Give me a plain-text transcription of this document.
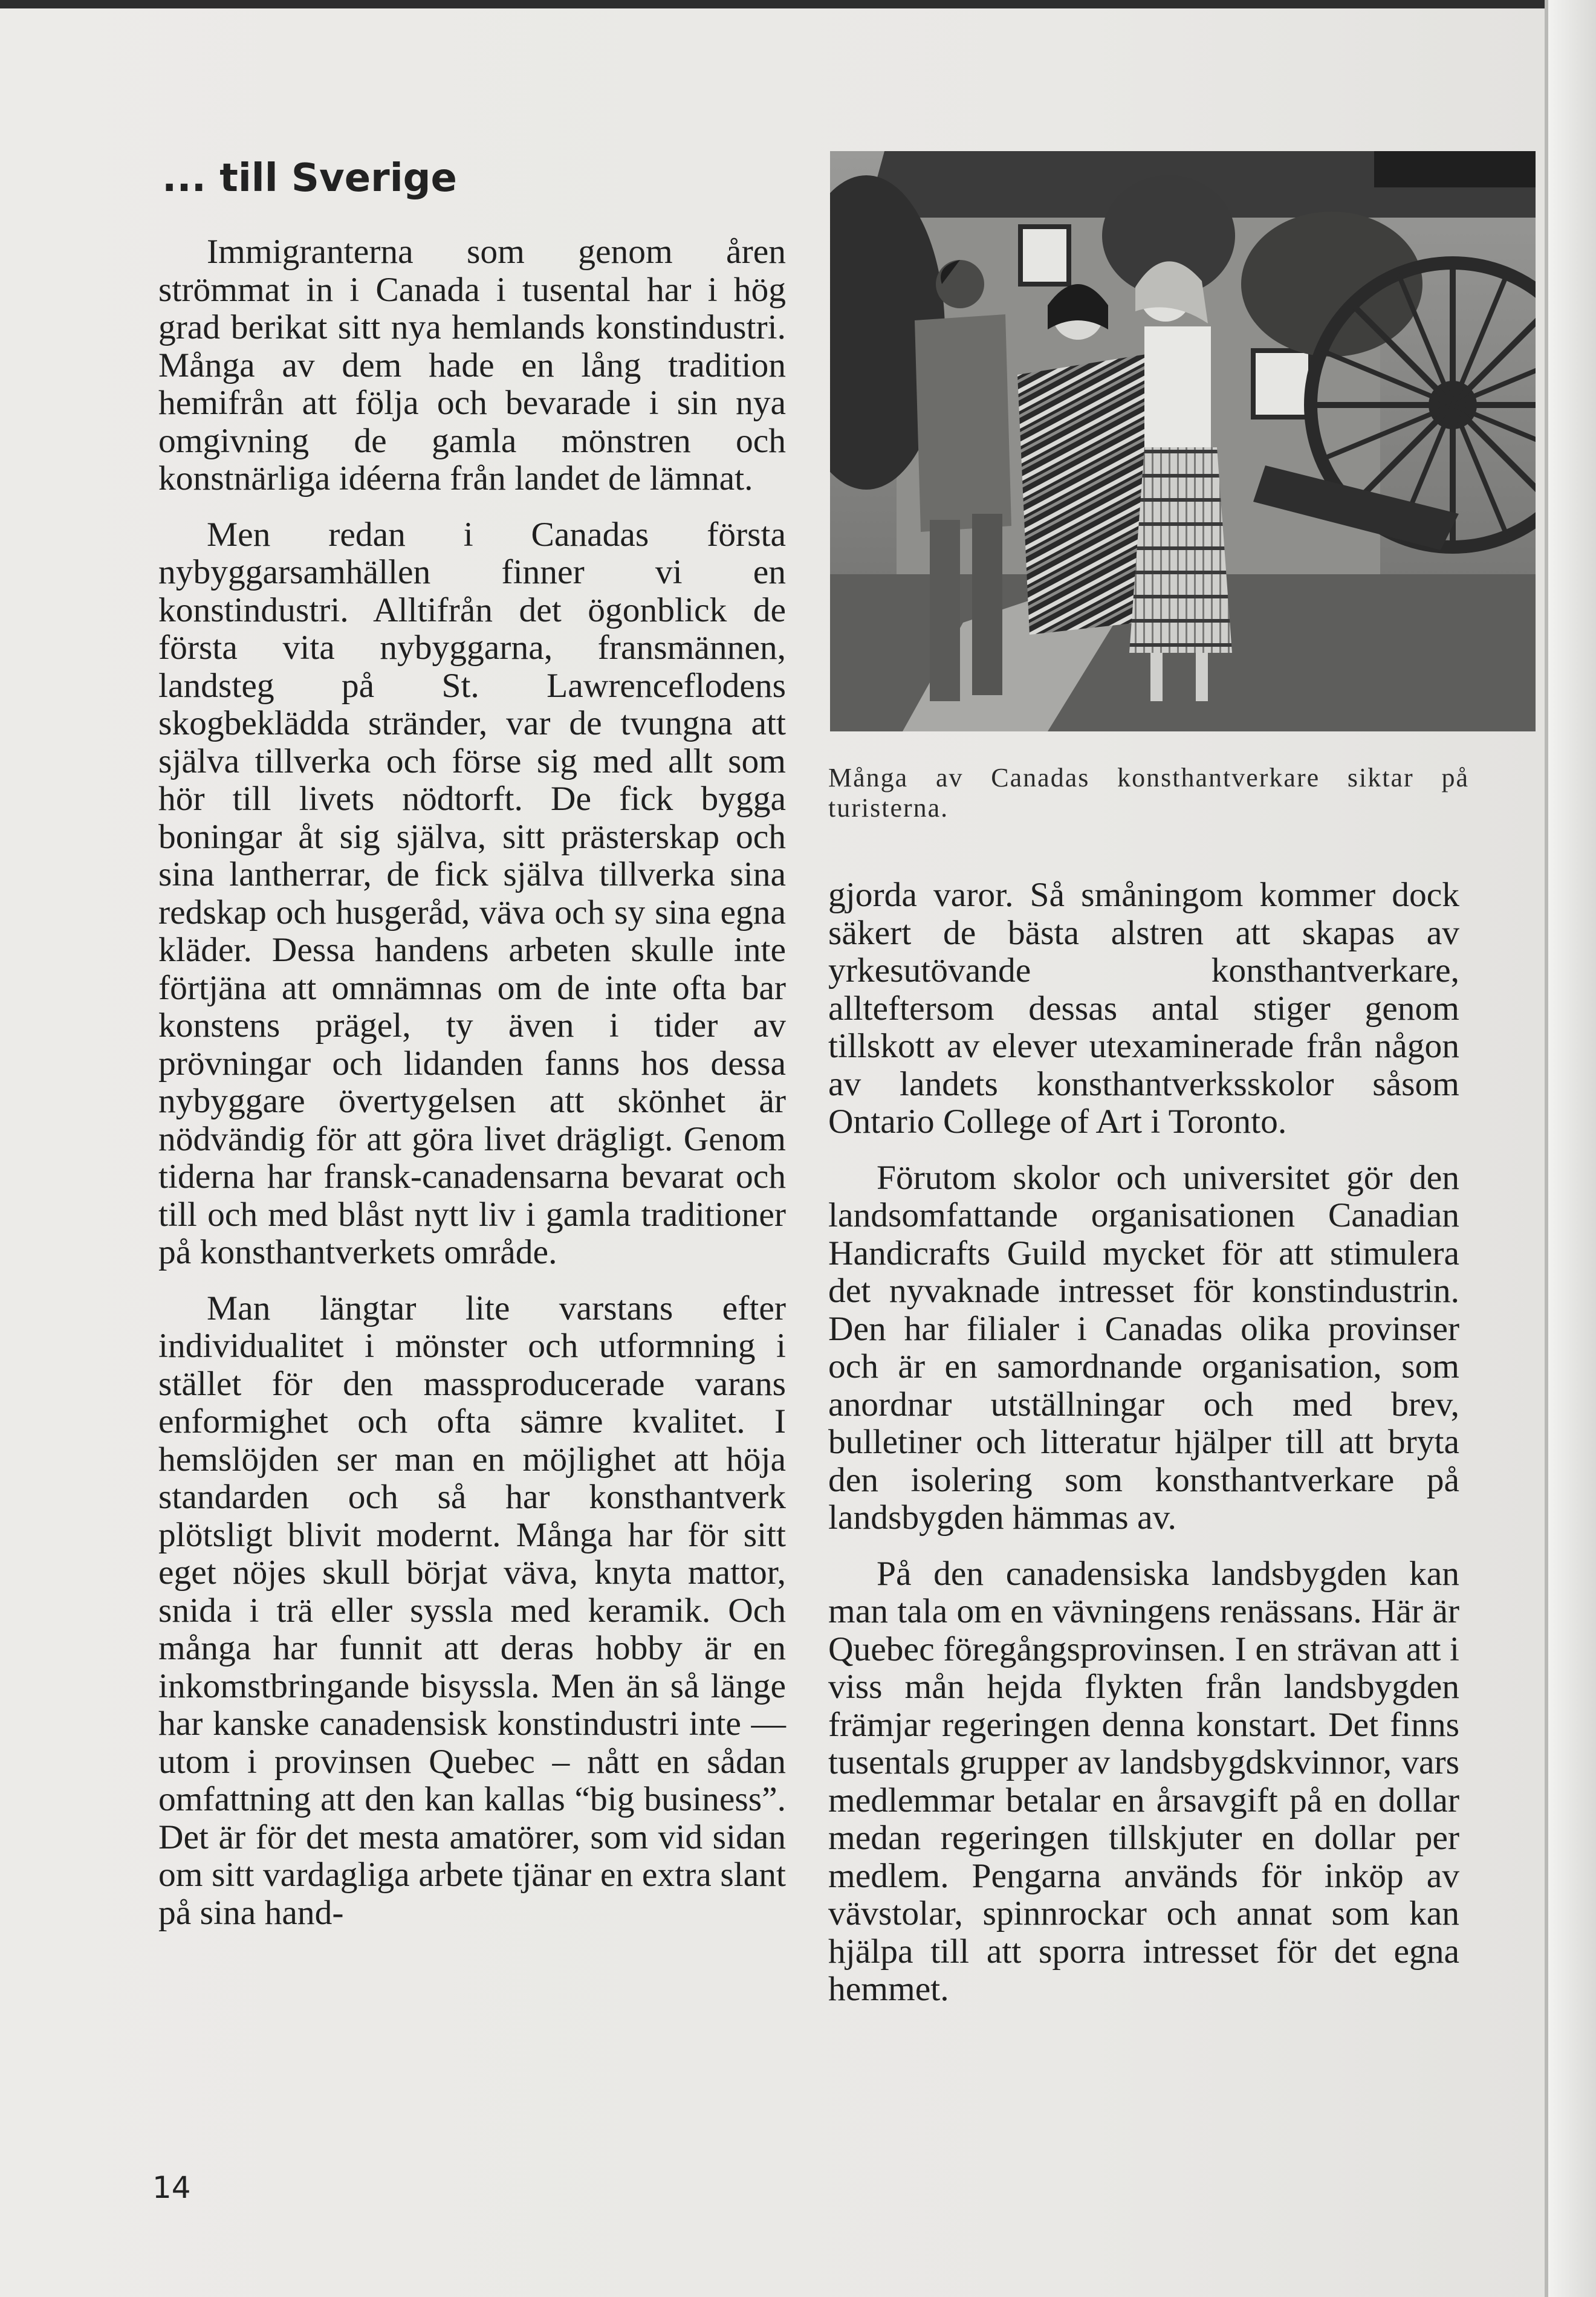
... till Sverige

Immigranterna som genom åren strömmat in i Canada i tusental har i hög grad berikat sitt nya hemlands konstindustri. Många av dem hade en lång tradition hemifrån att följa och bevarade i sin nya omgivning de gamla mönstren och konstnärliga idéerna från landet de lämnat.

Men redan i Canadas första nybyggarsamhällen finner vi en konstindustri. Alltifrån det ögonblick de första vita nybyggarna, fransmännen, landsteg på St. Lawrenceflodens skogbeklädda stränder, var de tvungna att själva tillverka och förse sig med allt som hör till livets nödtorft. De fick bygga boningar åt sig själva, sitt prästerskap och sina lantherrar, de fick själva tillverka sina redskap och husgeråd, väva och sy sina egna kläder. Dessa handens arbeten skulle inte förtjäna att omnämnas om de inte ofta bar konstens prägel, ty även i tider av prövningar och lidanden fanns hos dessa nybyggare övertygelsen att skönhet är nödvändig för att göra livet drägligt. Genom tiderna har fransk-canadensarna bevarat och till och med blåst nytt liv i gamla traditioner på konsthantverkets område.

Man längtar lite varstans efter individualitet i mönster och utformning i stället för den massproducerade varans enformighet och ofta sämre kvalitet. I hemslöjden ser man en möjlighet att höja standarden och så har konsthantverk plötsligt blivit modernt. Många har för sitt eget nöjes skull börjat väva, knyta mattor, snida i trä eller syssla med keramik. Och många har funnit att deras hobby är en inkomstbringande bisyssla. Men än så länge har kanske canadensisk konstindustri inte — utom i provinsen Quebec – nått en sådan omfattning att den kan kallas “big business”. Det är för det mesta amatörer, som vid sidan om sitt vardagliga arbete tjänar en extra slant på sina hand-

Många av Canadas konsthantverkare siktar på turisterna.

gjorda varor. Så småningom kommer dock säkert de bästa alstren att skapas av yrkesutövande konsthantverkare, allteftersom dessas antal stiger genom tillskott av elever utexaminerade från någon av landets konsthantverksskolor såsom Ontario College of Art i Toronto.

Förutom skolor och universitet gör den landsomfattande organisationen Canadian Handicrafts Guild mycket för att stimulera det nyvaknade intresset för konstindustrin. Den har filialer i Canadas olika provinser och är en samordnande organisation, som anordnar utställningar och med brev, bulletiner och litteratur hjälper till att bryta den isolering som konsthantverkare på landsbygden hämmas av.

På den canadensiska landsbygden kan man tala om en vävningens renässans. Här är Quebec föregångsprovinsen. I en strävan att i viss mån hejda flykten från landsbygden främjar regeringen denna konstart. Det finns tusentals grupper av landsbygdskvinnor, vars medlemmar betalar en årsavgift på en dollar medan regeringen tillskjuter en dollar per medlem. Pengarna används för inköp av vävstolar, spinnrockar och annat som kan hjälpa till att sporra intresset för det egna hemmet.

14
